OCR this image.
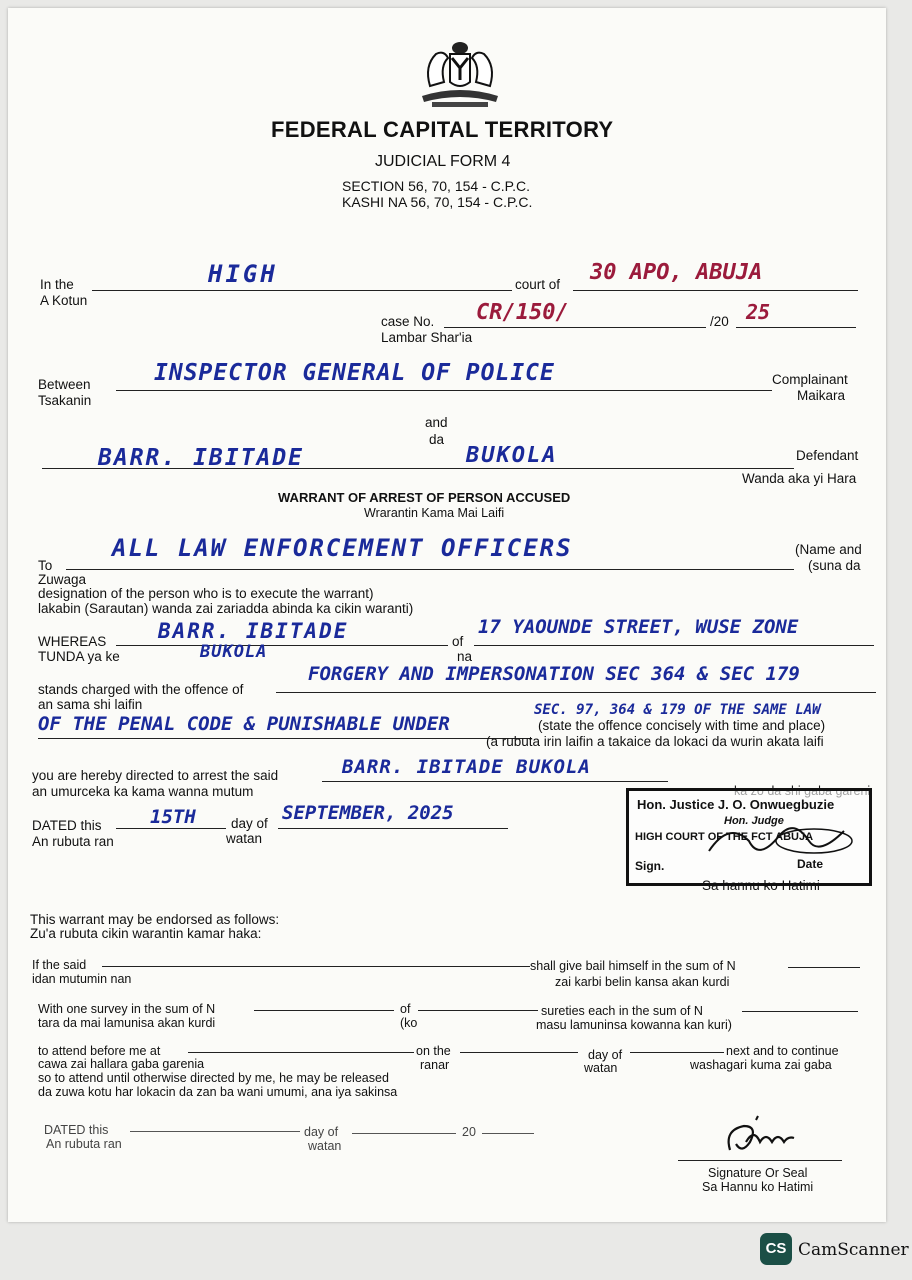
FEDERAL CAPITAL TERRITORY
JUDICIAL FORM 4
SECTION 56, 70, 154 - C.P.C.
KASHI NA 56, 70, 154 - C.P.C.
In the
A Kotun
HIGH	court of 30 APO, ABUJA
case No.
Lambar Shar'ia
CR/150/	/20 25
Between
Tsakanin
INSPECTOR GENERAL OF POLICE	Complainant
Maikara
and
da
BARR. IBITADE	BUKOLA	Defendant
Wanda aka yi Hara
WARRANT OF ARREST OF PERSON ACCUSED
Wrarantin Kama Mai Laifi
To
Zuwaga
ALL LAW ENFORCEMENT OFFICERS	(Name and
(suna da
designation of the person who is to execute the warrant)
lakabin (Sarautan) wanda zai zariadda abinda ka cikin waranti)
WHEREAS
TUNDA ya ke
BARR. IBITADE
BUKOLA
of
na
17 YAOUNDE STREET, WUSE ZONE
stands charged with the offence of
an sama shi laifin
FORGERY AND IMPERSONATION SEC 364 & SEC 179
OF THE PENAL CODE & PUNISHABLE UNDER
SEC. 97, 364 & 179 OF THE SAME LAW
(state the offence concisely with time and place)
(a rubuta irin laifin a takaice da lokaci da wurin akata laifi
you are hereby directed to arrest the said
an umurceka ka kama wanna mutum
BARR. IBITADE BUKOLA
DATED this
An rubuta ran
15TH	day of
watan
SEPTEMBER, 2025	Hon. Justice J. O. Onwuegbuzie
Hon. Judge
HIGH COURT OF THE FCT ABUJA
Sign.	Date
Sa hannu ko Hatimi
This warrant may be endorsed as follows:
Zu'a rubuta cikin warantin kamar haka:
If the said
idan mutumin nan
shall give bail himself in the sum of N
zai karbi belin kansa akan kurdi
With one survey in the sum of N
tara da mai lamunisa akan kurdi
of
(ko
sureties each in the sum of N
masu lamuninsa kowanna kan kuri)
to attend before me at
cawa zai hallara gaba garenia
on the
ranar
day of
watan
next and to continue
washagari kuma zai gaba
so to attend until otherwise directed by me, he may be released
da zuwa kotu har lokacin da zan ba wani umumi, ana iya sakinsa
DATED this
An rubuta ran
day of
watan
20
Signature Or Seal
Sa Hannu ko Hatimi
CS CamScanner
